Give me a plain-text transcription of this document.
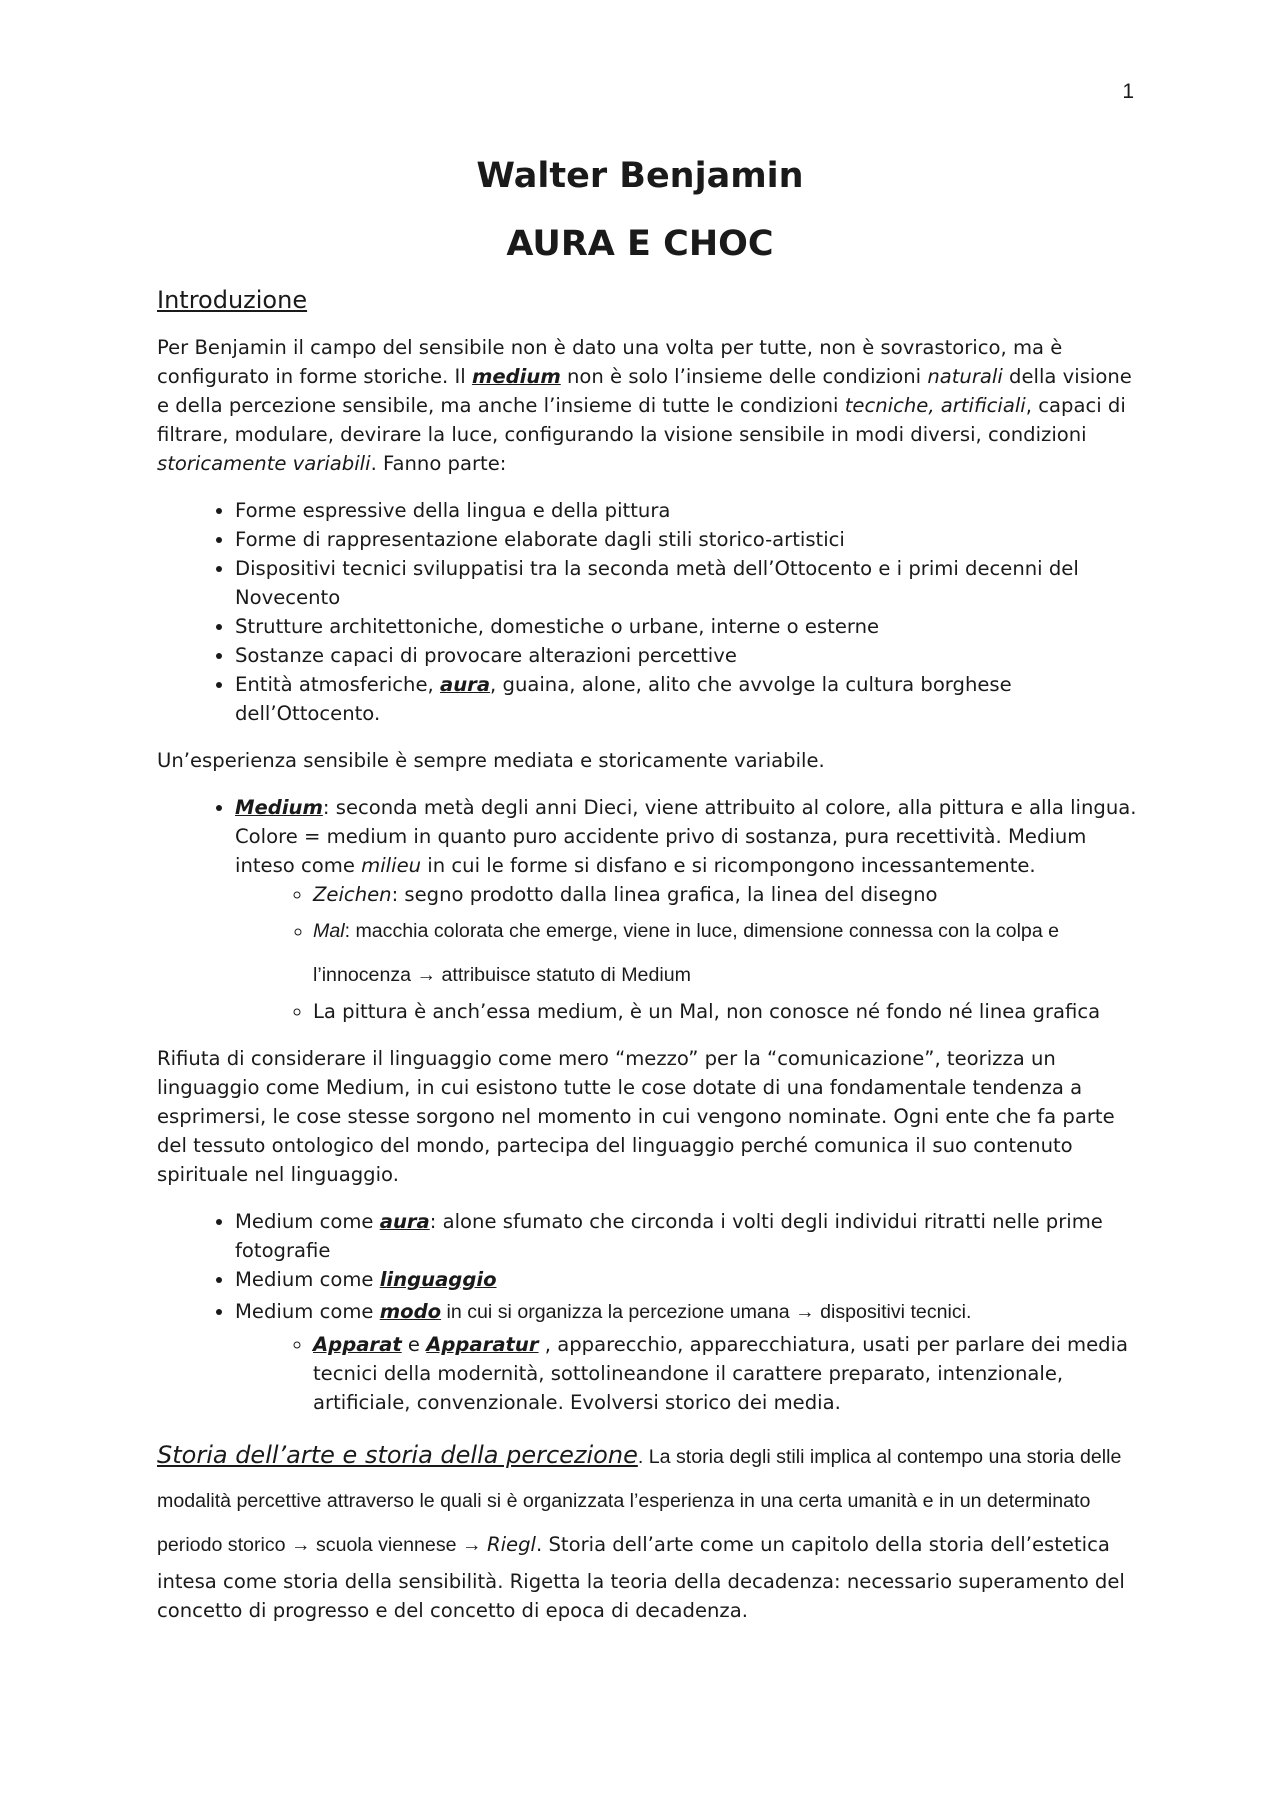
1
Walter Benjamin
AURA E CHOC
Introduzione

Per Benjamin il campo del sensibile non è dato una volta per tutte, non è sovrastorico, ma è configurato in forme storiche. Il medium non è solo l’insieme delle condizioni naturali della visione e della percezione sensibile, ma anche l’insieme di tutte le condizioni tecniche, artificiali, capaci di filtrare, modulare, devirare la luce, configurando la visione sensibile in modi diversi, condizioni storicamente variabili. Fanno parte:

• Forme espressive della lingua e della pittura
• Forme di rappresentazione elaborate dagli stili storico-artistici
• Dispositivi tecnici sviluppatisi tra la seconda metà dell’Ottocento e i primi decenni del Novecento
• Strutture architettoniche, domestiche o urbane, interne o esterne
• Sostanze capaci di provocare alterazioni percettive
• Entità atmosferiche, aura, guaina, alone, alito che avvolge la cultura borghese dell’Ottocento.

Un’esperienza sensibile è sempre mediata e storicamente variabile.

• Medium: seconda metà degli anni Dieci, viene attribuito al colore, alla pittura e alla lingua. Colore = medium in quanto puro accidente privo di sostanza, pura recettività. Medium inteso come milieu in cui le forme si disfano e si ricompongono incessantemente.
◦ Zeichen: segno prodotto dalla linea grafica, la linea del disegno
◦ Mal: macchia colorata che emerge, viene in luce, dimensione connessa con la colpa e l’innocenza → attribuisce statuto di Medium
◦ La pittura è anch’essa medium, è un Mal, non conosce né fondo né linea grafica

Rifiuta di considerare il linguaggio come mero “mezzo” per la “comunicazione”, teorizza un linguaggio come Medium, in cui esistono tutte le cose dotate di una fondamentale tendenza a esprimersi, le cose stesse sorgono nel momento in cui vengono nominate. Ogni ente che fa parte del tessuto ontologico del mondo, partecipa del linguaggio perché comunica il suo contenuto spirituale nel linguaggio.

• Medium come aura: alone sfumato che circonda i volti degli individui ritratti nelle prime fotografie
• Medium come linguaggio
• Medium come modo in cui si organizza la percezione umana → dispositivi tecnici.
◦ Apparat e Apparatur , apparecchio, apparecchiatura, usati per parlare dei media tecnici della modernità, sottolineandone il carattere preparato, intenzionale, artificiale, convenzionale. Evolversi storico dei media.

Storia dell’arte e storia della percezione. La storia degli stili implica al contempo una storia delle modalità percettive attraverso le quali si è organizzata l’esperienza in una certa umanità e in un determinato periodo storico → scuola viennese → Riegl. Storia dell’arte come un capitolo della storia dell’estetica intesa come storia della sensibilità. Rigetta la teoria della decadenza: necessario superamento del concetto di progresso e del concetto di epoca di decadenza.
